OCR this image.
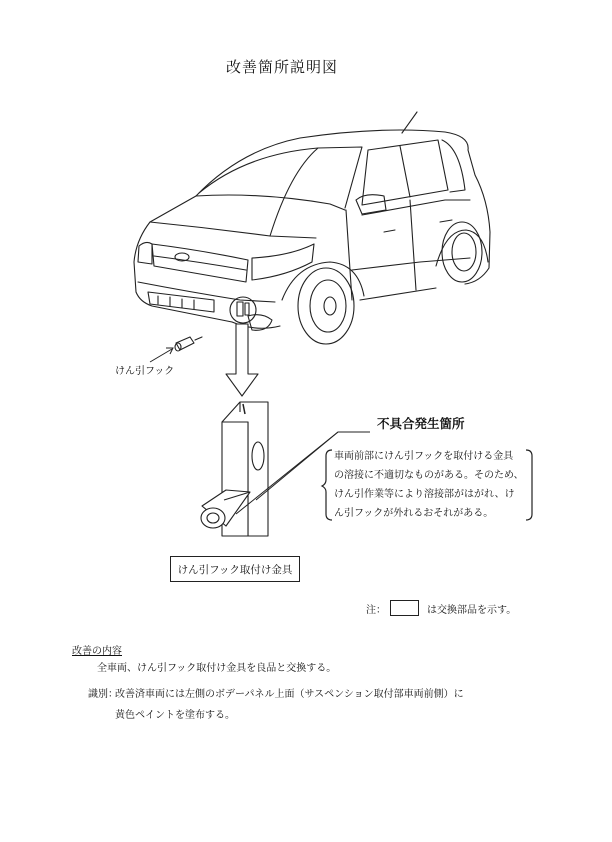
改善箇所説明図
けん引フック
不具合発生箇所
車両前部にけん引フックを取付ける金具
の溶接に不適切なものがある。そのため、
けん引作業等により溶接部がはがれ、け
ん引フックが外れるおそれがある。
けん引フック取付け金具
注：	は交換部品を示す。
改善の内容
全車両、けん引フック取付け金具を良品と交換する。
識別：
改善済車両には左側のボデーパネル上面（サスペンション取付部車両前側）に
黄色ペイントを塗布する。
